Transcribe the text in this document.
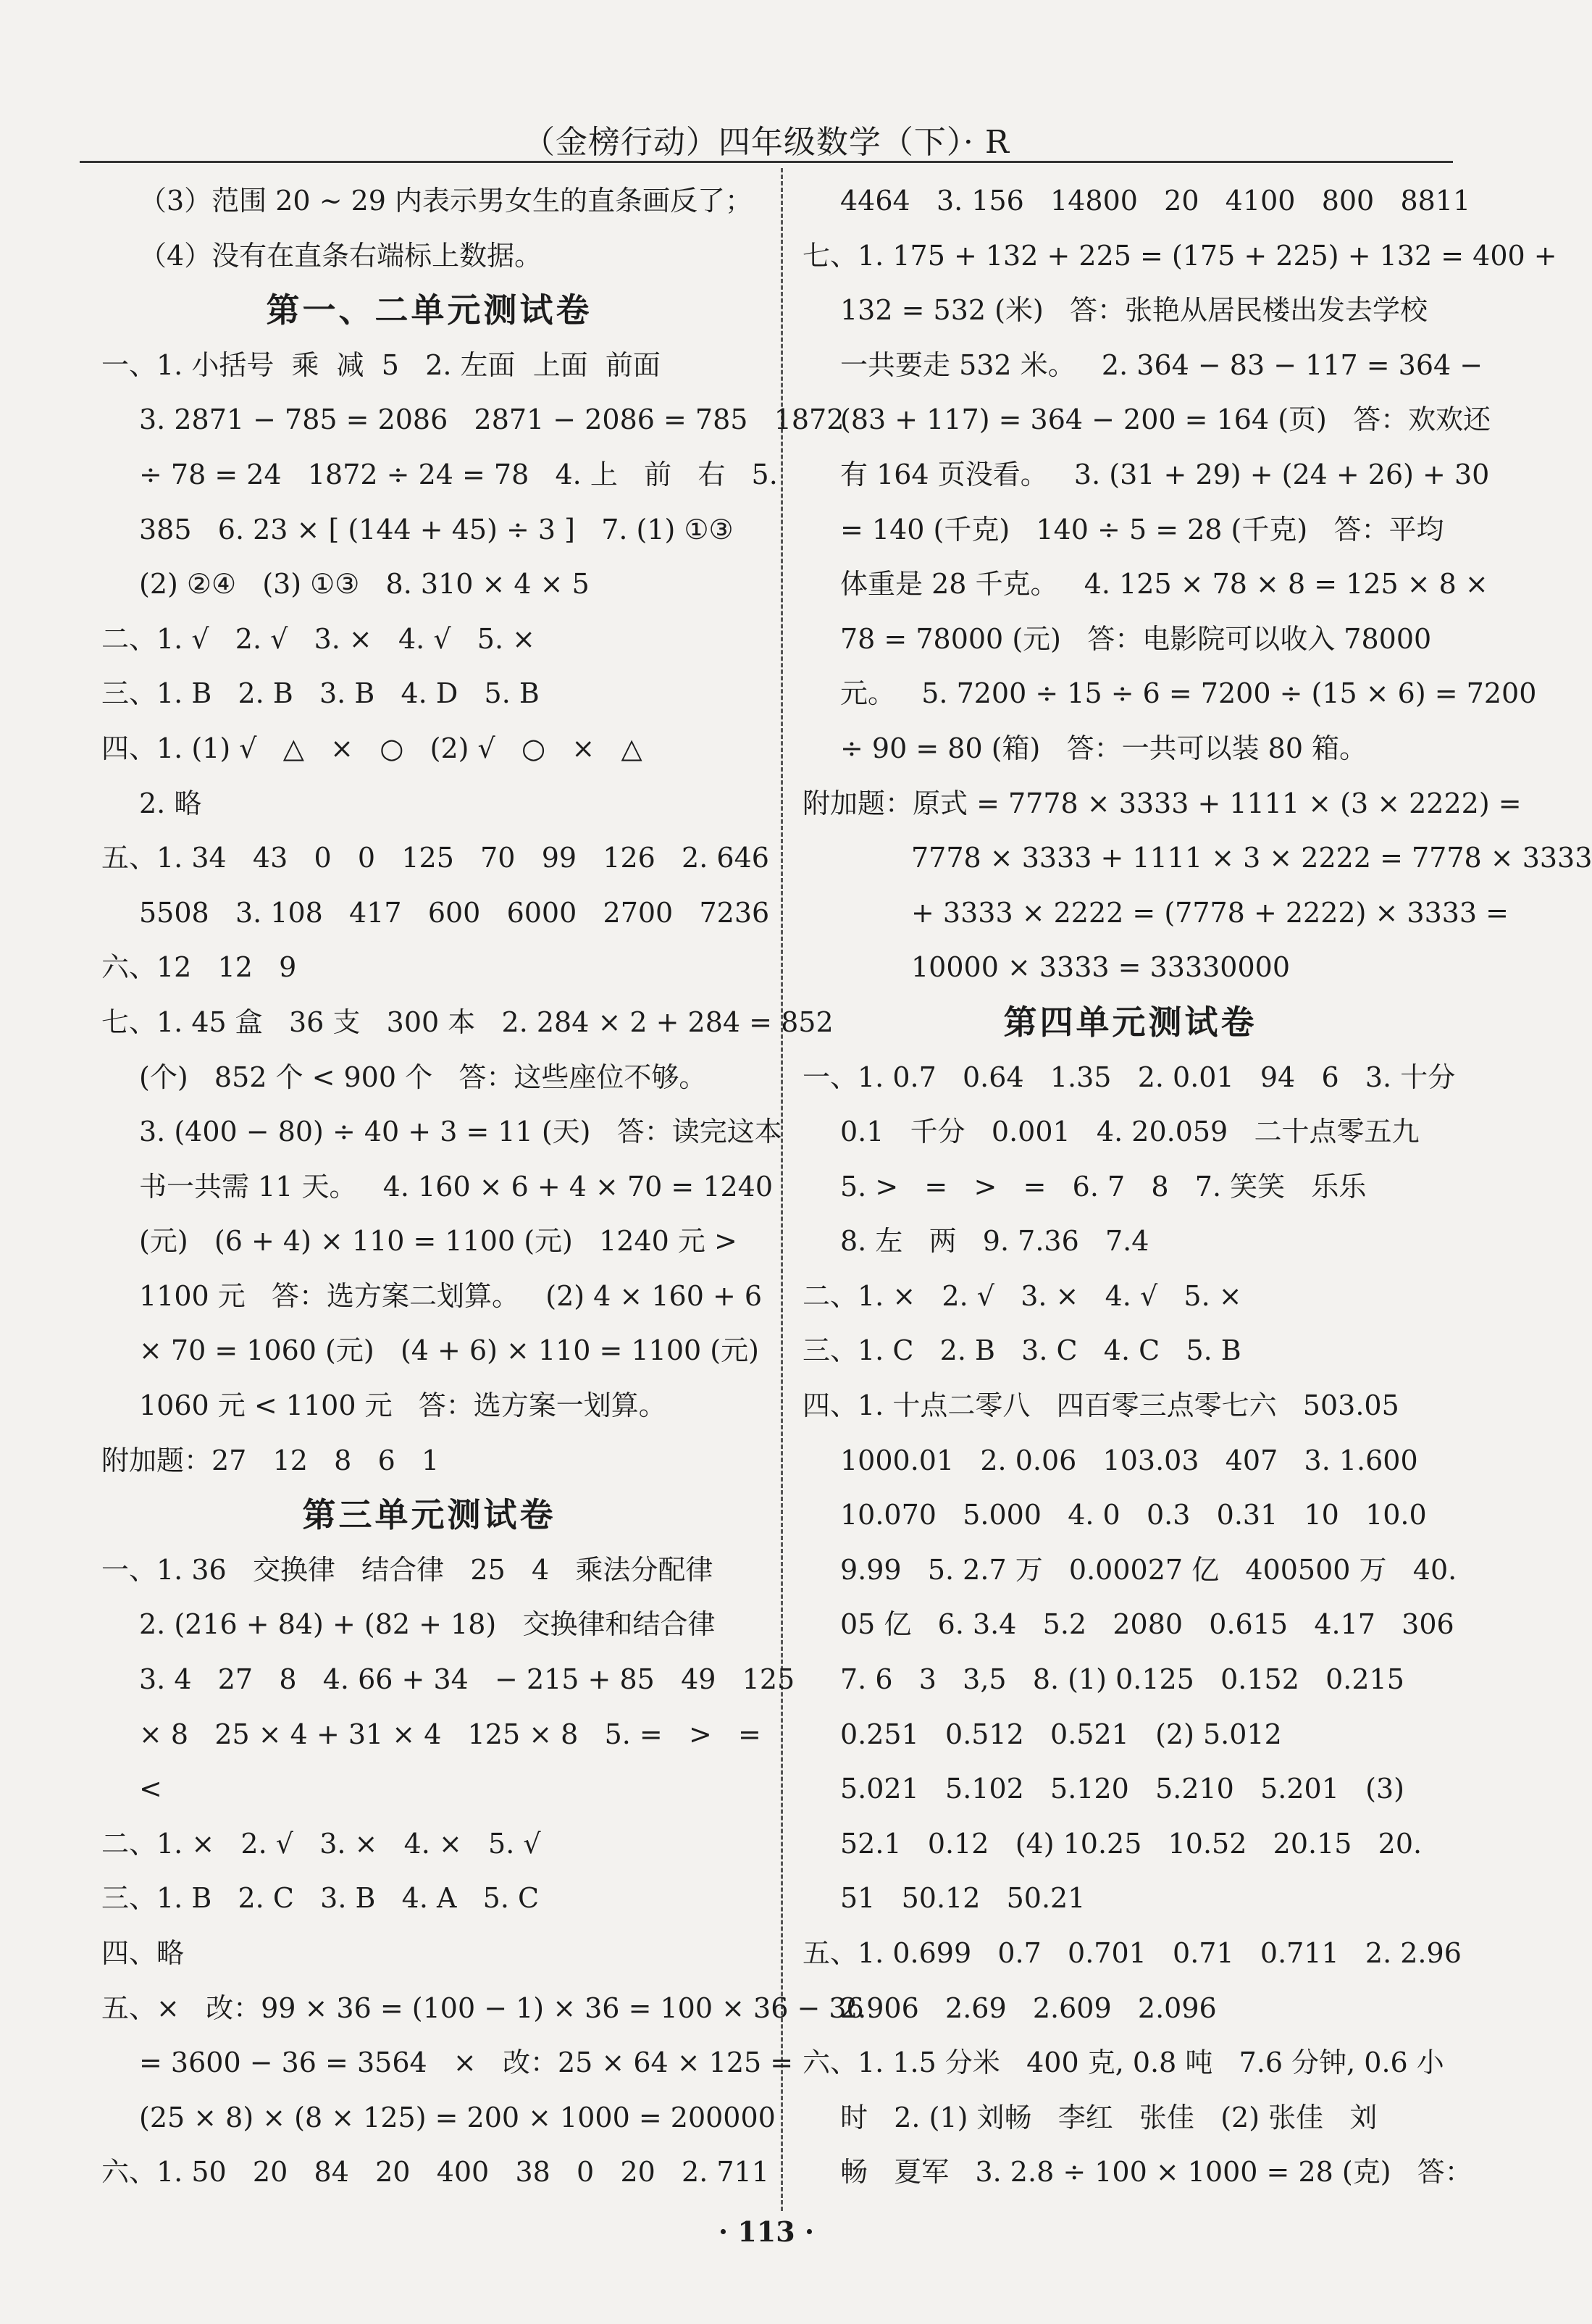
（金榜行动）四年级数学（下）· R
（3）范围 20 ~ 29 内表示男女生的直条画反了；
（4）没有在直条右端标上数据。
第一、二单元测试卷
一、1. 小括号  乘  减  5   2. 左面  上面  前面
3. 2871 − 785 = 2086   2871 − 2086 = 785   1872
÷ 78 = 24   1872 ÷ 24 = 78   4. 上   前   右   5.
385   6. 23 × [ (144 + 45) ÷ 3 ]   7. (1) ①③
(2) ②④   (3) ①③   8. 310 × 4 × 5
二、1. √   2. √   3. ×   4. √   5. ×
三、1. B   2. B   3. B   4. D   5. B
四、1. (1) √   △   ×   ○   (2) √   ○   ×   △
2. 略
五、1. 34   43   0   0   125   70   99   126   2. 646
5508   3. 108   417   600   6000   2700   7236
六、12   12   9
七、1. 45 盒   36 支   300 本   2. 284 × 2 + 284 = 852
(个)   852 个 < 900 个   答：这些座位不够。
3. (400 − 80) ÷ 40 + 3 = 11 (天)   答：读完这本
书一共需 11 天。   4. 160 × 6 + 4 × 70 = 1240
(元)   (6 + 4) × 110 = 1100 (元)   1240 元 >
1100 元   答：选方案二划算。   (2) 4 × 160 + 6
× 70 = 1060 (元)   (4 + 6) × 110 = 1100 (元)
1060 元 < 1100 元   答：选方案一划算。
附加题：27   12   8   6   1
第三单元测试卷
一、1. 36   交换律   结合律   25   4   乘法分配律
2. (216 + 84) + (82 + 18)   交换律和结合律
3. 4   27   8   4. 66 + 34   − 215 + 85   49   125
× 8   25 × 4 + 31 × 4   125 × 8   5. =   >   =
<
二、1. ×   2. √   3. ×   4. ×   5. √
三、1. B   2. C   3. B   4. A   5. C
四、略
五、×   改：99 × 36 = (100 − 1) × 36 = 100 × 36 − 36
= 3600 − 36 = 3564   ×   改：25 × 64 × 125 =
(25 × 8) × (8 × 125) = 200 × 1000 = 200000
六、1. 50   20   84   20   400   38   0   20   2. 711
4464   3. 156   14800   20   4100   800   8811
七、1. 175 + 132 + 225 = (175 + 225) + 132 = 400 +
132 = 532 (米)   答：张艳从居民楼出发去学校
一共要走 532 米。   2. 364 − 83 − 117 = 364 −
(83 + 117) = 364 − 200 = 164 (页)   答：欢欢还
有 164 页没看。   3. (31 + 29) + (24 + 26) + 30
= 140 (千克)   140 ÷ 5 = 28 (千克)   答：平均
体重是 28 千克。   4. 125 × 78 × 8 = 125 × 8 ×
78 = 78000 (元)   答：电影院可以收入 78000
元。   5. 7200 ÷ 15 ÷ 6 = 7200 ÷ (15 × 6) = 7200
÷ 90 = 80 (箱)   答：一共可以装 80 箱。
附加题：原式 = 7778 × 3333 + 1111 × (3 × 2222) =
7778 × 3333 + 1111 × 3 × 2222 = 7778 × 3333
+ 3333 × 2222 = (7778 + 2222) × 3333 =
10000 × 3333 = 33330000
第四单元测试卷
一、1. 0.7   0.64   1.35   2. 0.01   94   6   3. 十分
0.1   千分   0.001   4. 20.059   二十点零五九
5. >   =   >   =   6. 7   8   7. 笑笑   乐乐
8. 左   两   9. 7.36   7.4
二、1. ×   2. √   3. ×   4. √   5. ×
三、1. C   2. B   3. C   4. C   5. B
四、1. 十点二零八   四百零三点零七六   503.05
1000.01   2. 0.06   103.03   407   3. 1.600
10.070   5.000   4. 0   0.3   0.31   10   10.0
9.99   5. 2.7 万   0.00027 亿   400500 万   40.
05 亿   6. 3.4   5.2   2080   0.615   4.17   306
7. 6   3   3,5   8. (1) 0.125   0.152   0.215
0.251   0.512   0.521   (2) 5.012
5.021   5.102   5.120   5.210   5.201   (3)
52.1   0.12   (4) 10.25   10.52   20.15   20.
51   50.12   50.21
五、1. 0.699   0.7   0.701   0.71   0.711   2. 2.96
2.906   2.69   2.609   2.096
六、1. 1.5 分米   400 克, 0.8 吨   7.6 分钟, 0.6 小
时   2. (1) 刘畅   李红   张佳   (2) 张佳   刘
畅   夏军   3. 2.8 ÷ 100 × 1000 = 28 (克)   答：
· 113 ·
